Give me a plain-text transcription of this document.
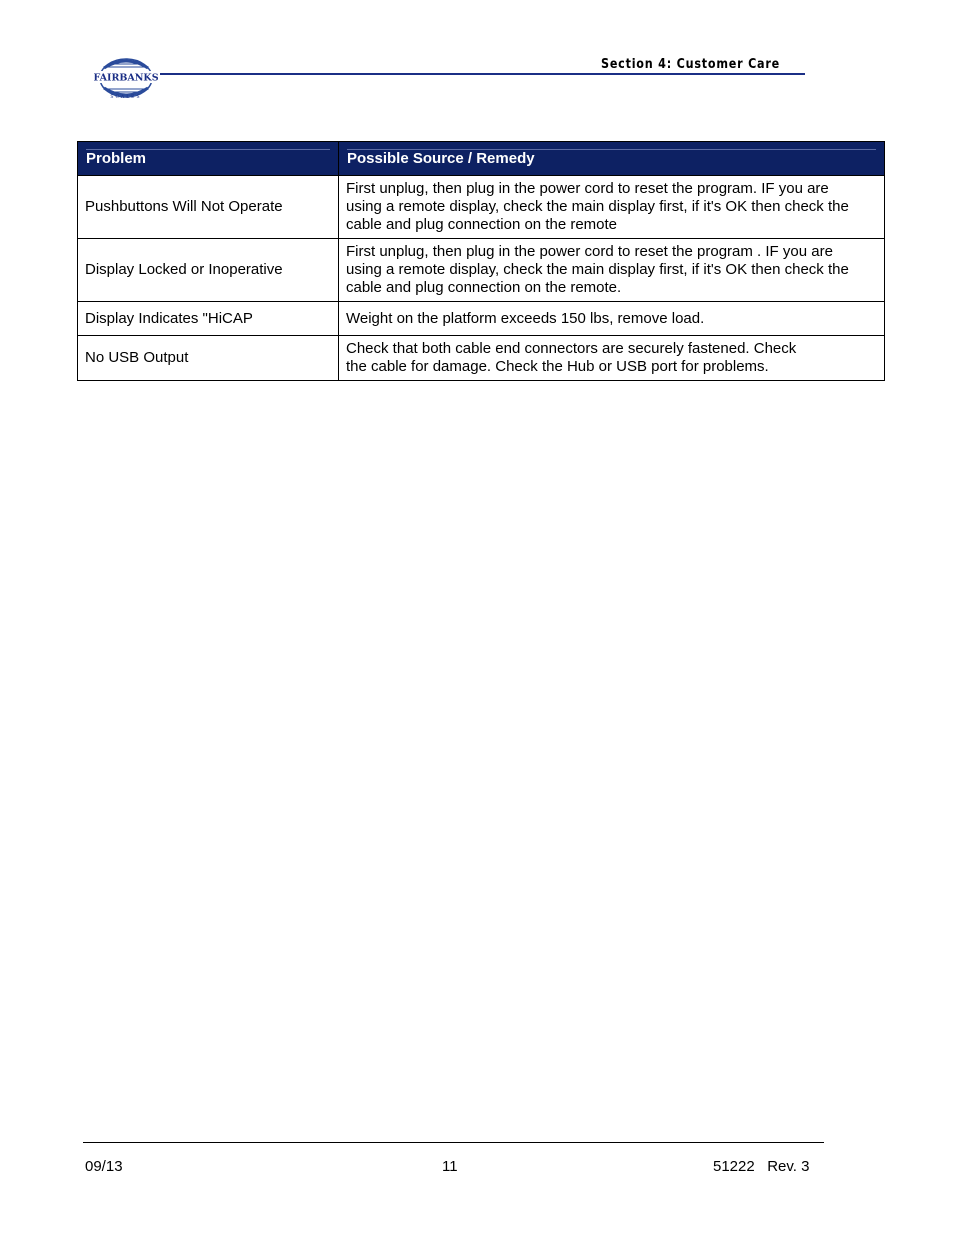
FAIRBANKS
SCALES
Section 4: Customer Care
Problem	Possible Source / Remedy
Pushbuttons Will Not Operate	First unplug, then plug in the power cord to reset the program. IF you are
using a remote display, check the main display first, if it's OK then check the
cable and plug connection on the remote

Display Locked or Inoperative	First unplug, then plug in the power cord to reset the program . IF you are
using a remote display, check the main display first, if it's OK then check the
cable and plug connection on the remote.

Display Indicates "HiCAP	Weight on the platform exceeds 150 lbs, remove load.

No USB Output	Check that both cable end connectors are securely fastened. Check
the cable for damage. Check the Hub or USB port for problems.
09/13	11	51222   Rev. 3
